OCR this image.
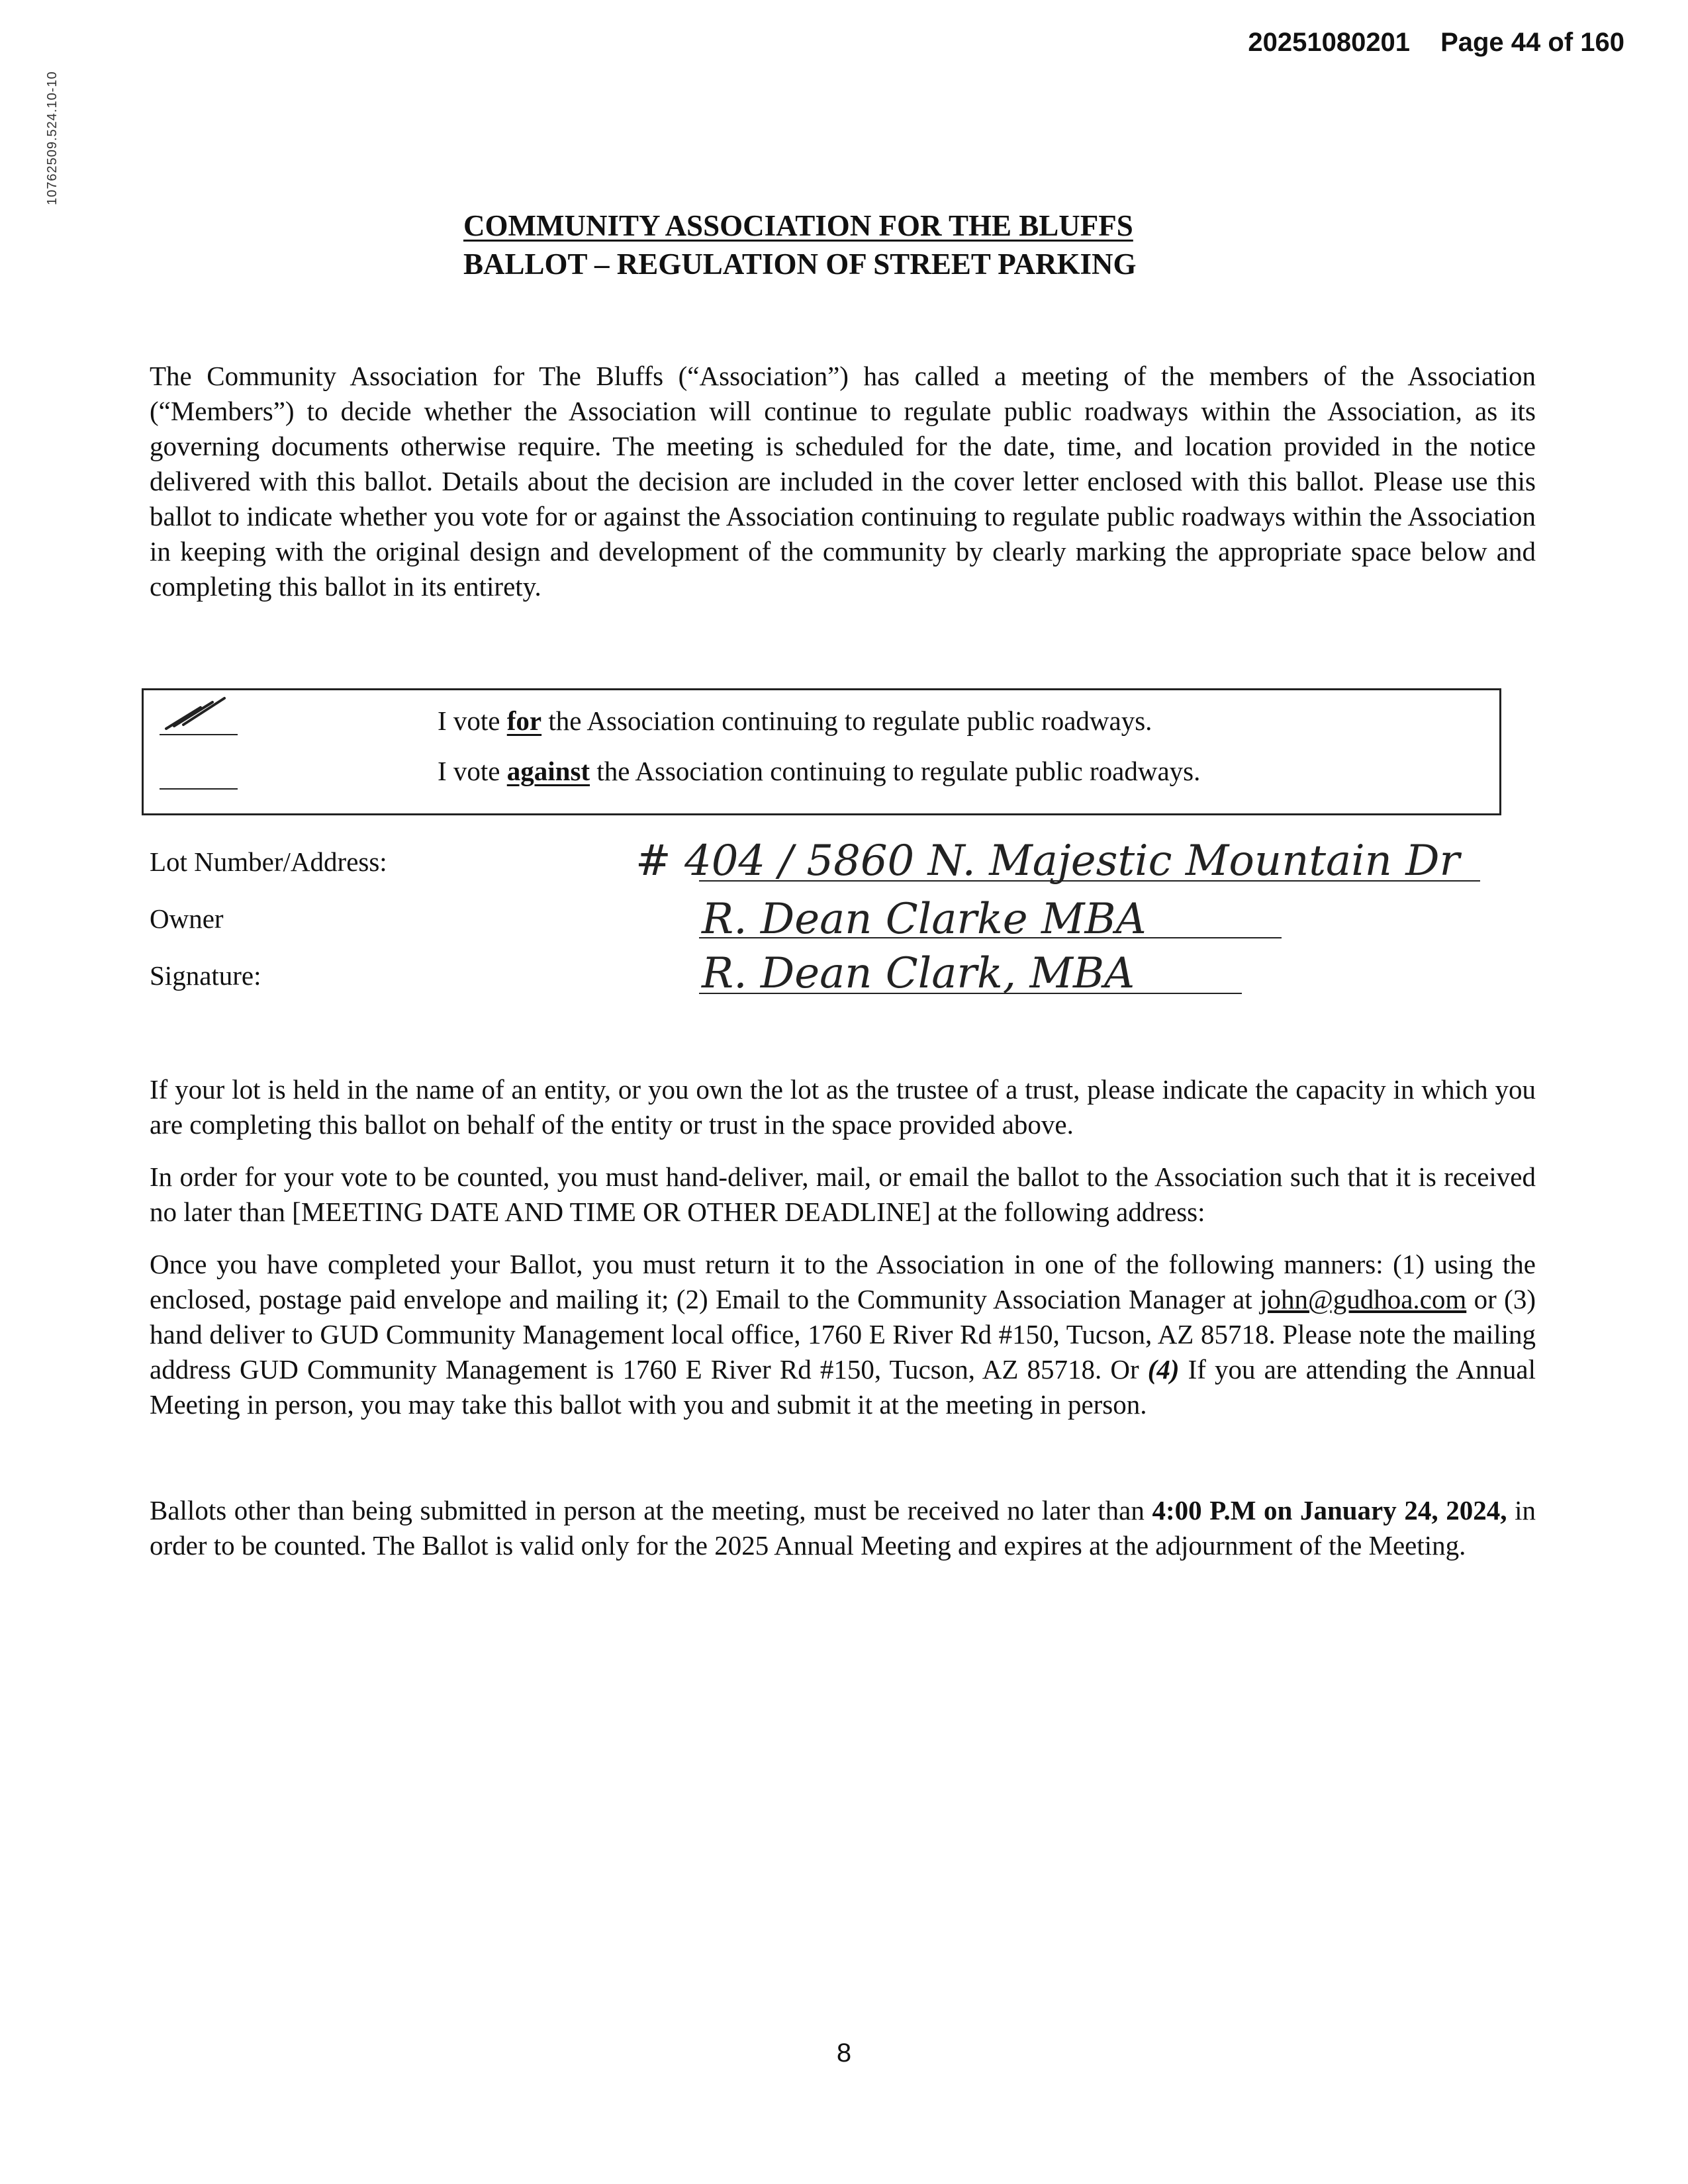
20251080201 Page 44 of 160
10762509.524.10-10
COMMUNITY ASSOCIATION FOR THE BLUFFS
BALLOT – REGULATION OF STREET PARKING

The Community Association for The Bluffs (“Association”) has called a meeting of the members of the Association (“Members”) to decide whether the Association will continue to regulate public roadways within the Association, as its governing documents otherwise require. The meeting is scheduled for the date, time, and location provided in the notice delivered with this ballot. Details about the decision are included in the cover letter enclosed with this ballot. Please use this ballot to indicate whether you vote for or against the Association continuing to regulate public roadways within the Association in keeping with the original design and development of the community by clearly marking the appropriate space below and completing this ballot in its entirety.

I vote for the Association continuing to regulate public roadways.
I vote against the Association continuing to regulate public roadways.
Lot Number/Address:
Owner
Signature:
# 404 / 5860 N. Majestic Mountain Dr
R. Dean Clarke MBA
R. Dean Clark, MBA

If your lot is held in the name of an entity, or you own the lot as the trustee of a trust, please indicate the capacity in which you are completing this ballot on behalf of the entity or trust in the space provided above.

In order for your vote to be counted, you must hand-deliver, mail, or email the ballot to the Association such that it is received no later than [MEETING DATE AND TIME OR OTHER DEADLINE] at the following address:

Once you have completed your Ballot, you must return it to the Association in one of the following manners: (1) using the enclosed, postage paid envelope and mailing it; (2) Email to the Community Association Manager at john@gudhoa.com or (3) hand deliver to GUD Community Management local office, 1760 E River Rd #150, Tucson, AZ 85718. Please note the mailing address GUD Community Management is 1760 E River Rd #150, Tucson, AZ 85718. Or (4) If you are attending the Annual Meeting in person, you may take this ballot with you and submit it at the meeting in person.

Ballots other than being submitted in person at the meeting, must be received no later than 4:00 P.M on January 24, 2024, in order to be counted. The Ballot is valid only for the 2025 Annual Meeting and expires at the adjournment of the Meeting.

8
